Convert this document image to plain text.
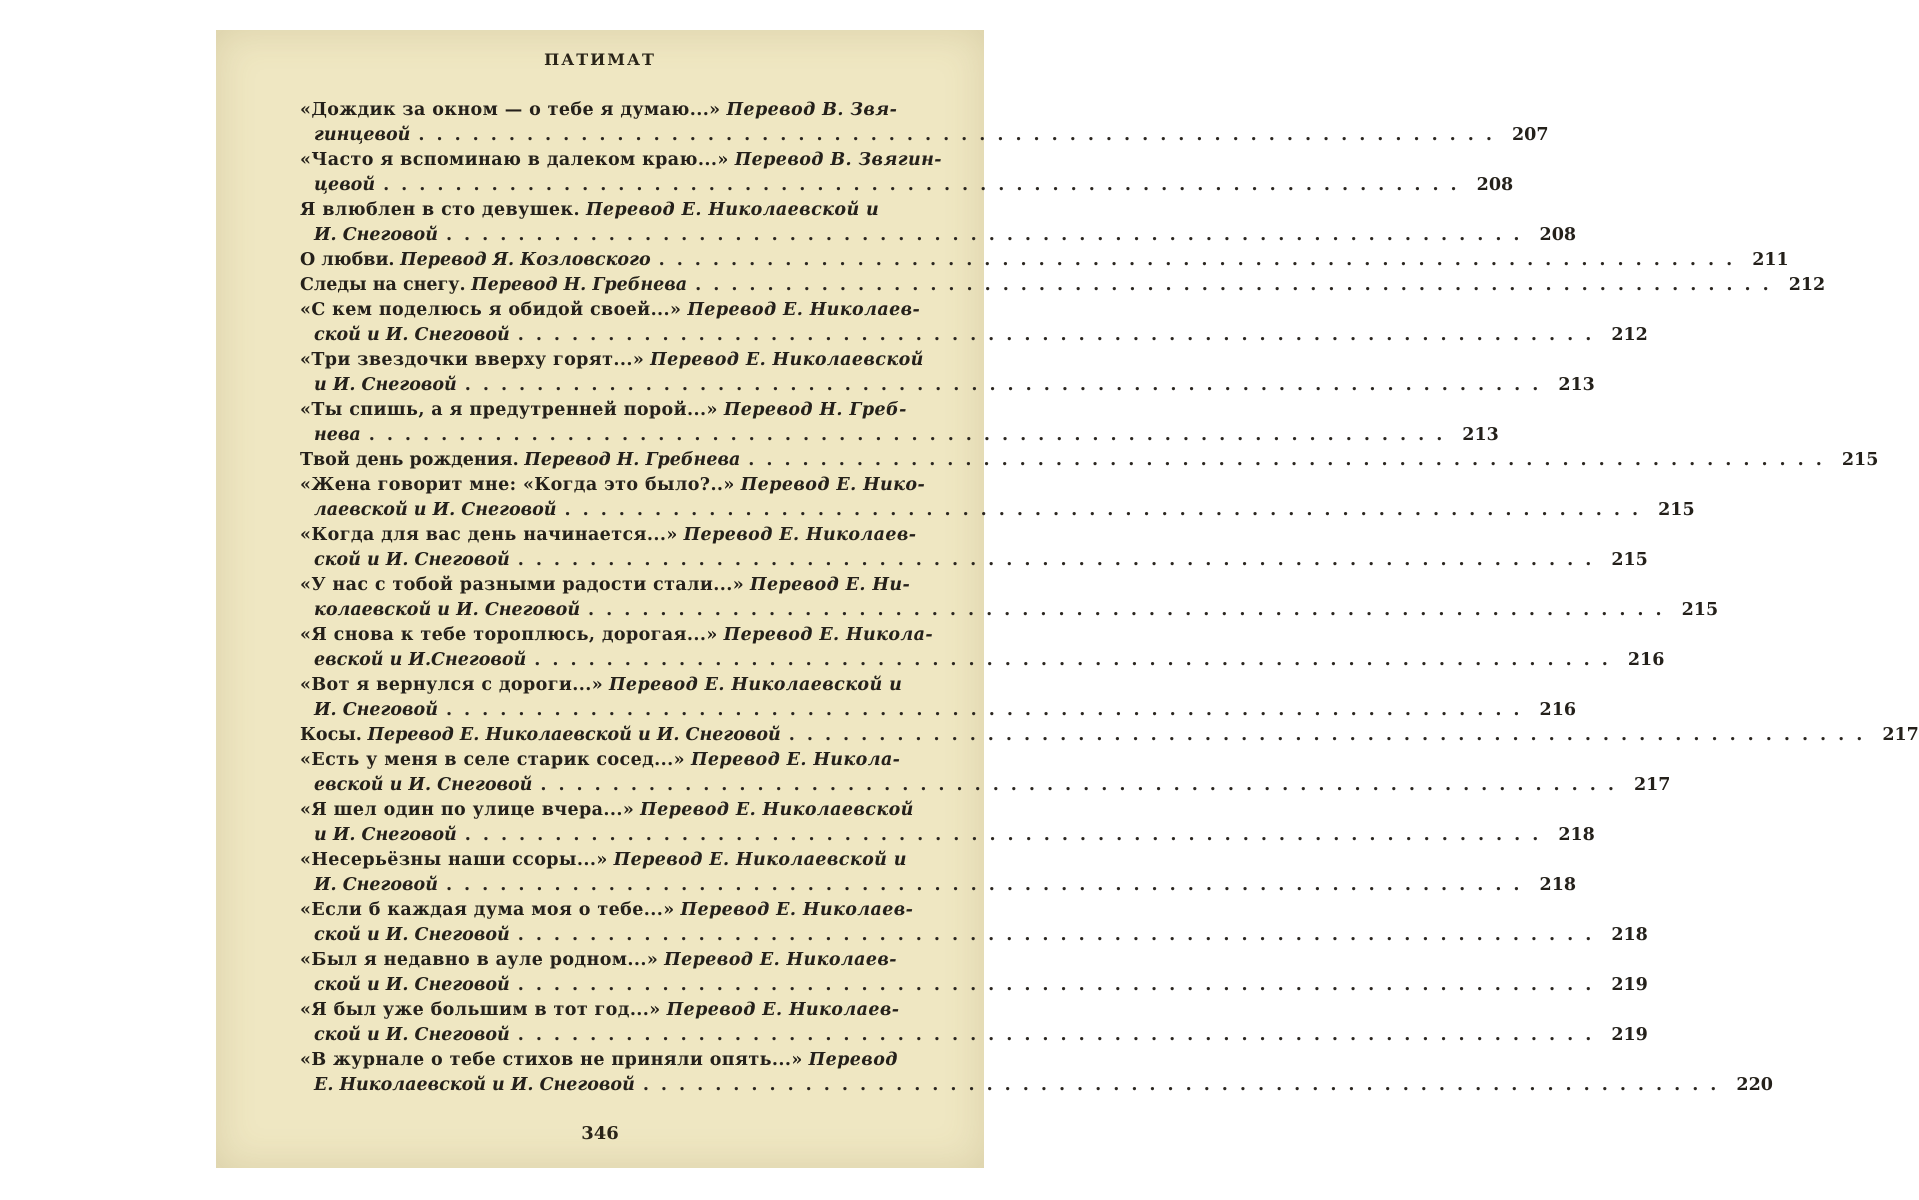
ПАТИМАТ
«Дождик за окном — о тебе я думаю...» Перевод В. Звя-
гинцевой ............................................................ 207
«Часто я вспоминаю в далеком краю...» Перевод В. Звягин-
цевой ............................................................ 208
Я влюблен в сто девушек. Перевод Е. Николаевской и
И. Снеговой ............................................................ 208
О любви. Перевод Я. Козловского ............................................................ 211
Следы на снегу. Перевод Н. Гребнева ............................................................ 212
«С кем поделюсь я обидой своей...» Перевод Е. Николаев-
ской и И. Снеговой ............................................................ 212
«Три звездочки вверху горят...» Перевод Е. Николаевской
и И. Снеговой ............................................................ 213
«Ты спишь, а я предутренней порой...» Перевод Н. Греб-
нева ............................................................ 213
Твой день рождения. Перевод Н. Гребнева ............................................................ 215
«Жена говорит мне: «Когда это было?..» Перевод Е. Нико-
лаевской и И. Снеговой ............................................................ 215
«Когда для вас день начинается...» Перевод Е. Николаев-
ской и И. Снеговой ............................................................ 215
«У нас с тобой разными радости стали...» Перевод Е. Ни-
колаевской и И. Снеговой ............................................................ 215
«Я снова к тебе тороплюсь, дорогая...» Перевод Е. Никола-
евской и И.Снеговой ............................................................ 216
«Вот я вернулся с дороги...» Перевод Е. Николаевской и
И. Снеговой ............................................................ 216
Косы. Перевод Е. Николаевской и И. Снеговой ............................................................ 217
«Есть у меня в селе старик сосед...» Перевод Е. Никола-
евской и И. Снеговой ............................................................ 217
«Я шел один по улице вчера...» Перевод Е. Николаевской
и И. Снеговой ............................................................ 218
«Несерьёзны наши ссоры...» Перевод Е. Николаевской и
И. Снеговой ............................................................ 218
«Если б каждая дума моя о тебе...» Перевод Е. Николаев-
ской и И. Снеговой ............................................................ 218
«Был я недавно в ауле родном...» Перевод Е. Николаев-
ской и И. Снеговой ............................................................ 219
«Я был уже большим в тот год...» Перевод Е. Николаев-
ской и И. Снеговой ............................................................ 219
«В журнале о тебе стихов не приняли опять...» Перевод
Е. Николаевской и И. Снеговой ............................................................ 220
346
